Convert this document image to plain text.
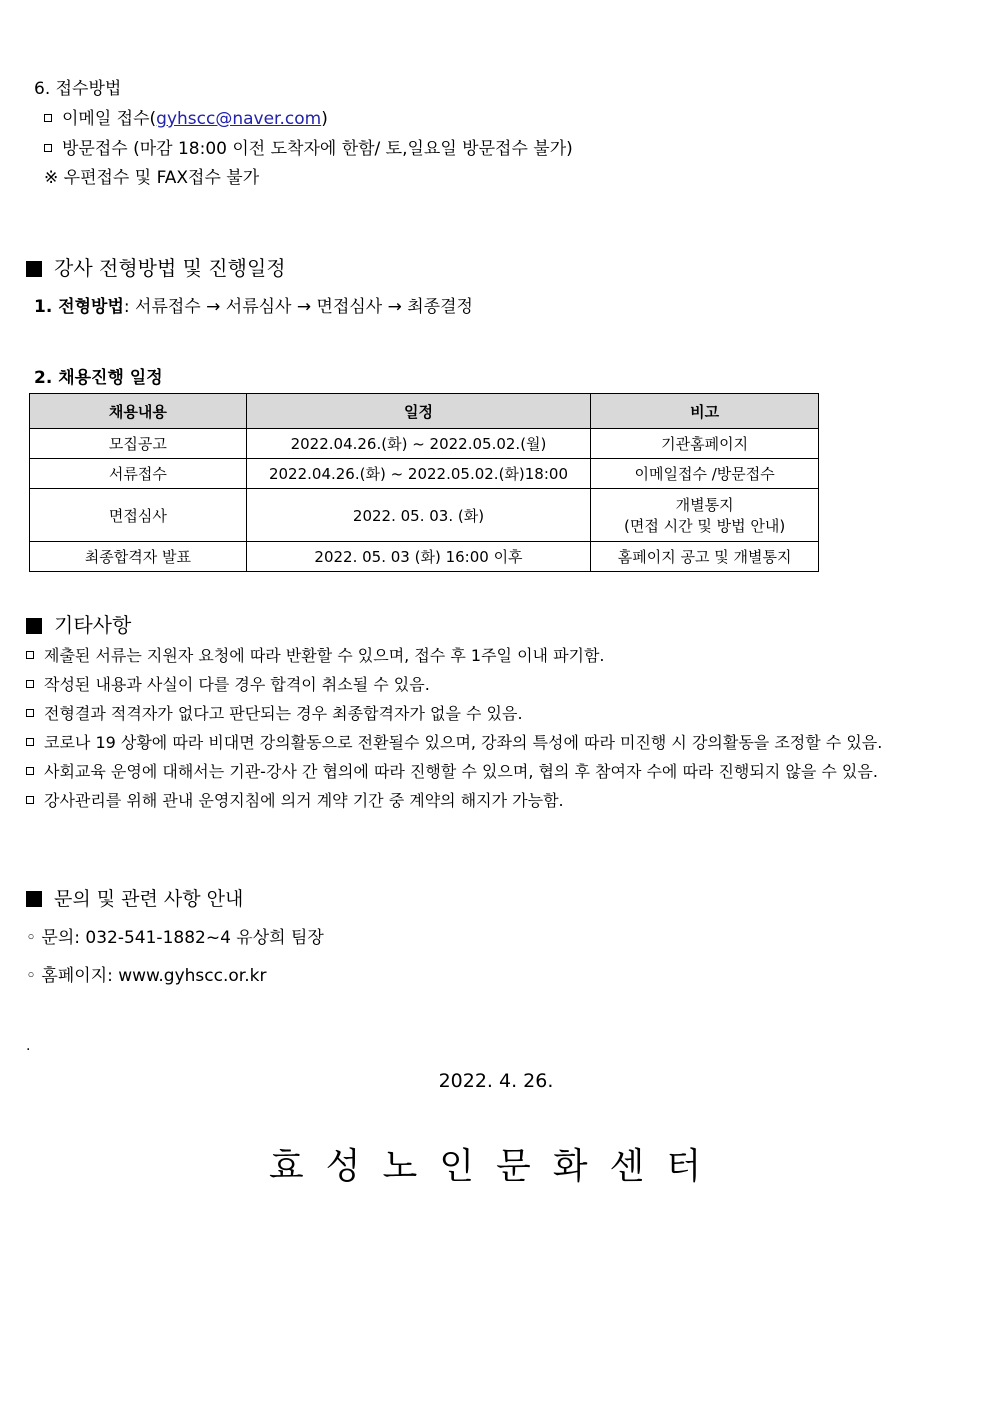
6. 접수방법
이메일 접수(gyhscc@naver.com)
방문접수 (마감 18:00 이전 도착자에 한함/ 토,일요일 방문접수 불가)
※ 우편접수 및 FAX접수 불가
강사 전형방법 및 진행일정
1. 전형방법: 서류접수 → 서류심사 → 면접심사 → 최종결정
2. 채용진행 일정
채용내용	일정	비고
모집공고	2022.04.26.(화) ~ 2022.05.02.(월)	기관홈페이지
서류접수	2022.04.26.(화) ~ 2022.05.02.(화)18:00	이메일접수 /방문접수
면접심사	2022. 05. 03. (화)	개별통지
(면접 시간 및 방법 안내)

최종합격자 발표	2022. 05. 03 (화) 16:00 이후	홈페이지 공고 및 개별통지
기타사항
제출된 서류는 지원자 요청에 따라 반환할 수 있으며, 접수 후 1주일 이내 파기함.
작성된 내용과 사실이 다를 경우 합격이 취소될 수 있음.
전형결과 적격자가 없다고 판단되는 경우 최종합격자가 없을 수 있음.
코로나 19 상황에 따라 비대면 강의활동으로 전환될수 있으며, 강좌의 특성에 따라 미진행 시 강의활동을 조정할 수 있음.
사회교육 운영에 대해서는 기관-강사 간 협의에 따라 진행할 수 있으며, 협의 후 참여자 수에 따라 진행되지 않을 수 있음.
강사관리를 위해 관내 운영지침에 의거 계약 기간 중 계약의 해지가 가능함.
문의 및 관련 사항 안내
◦ 문의: 032-541-1882~4 유상희 팀장
◦ 홈페이지: www.gyhscc.or.kr
.
2022. 4. 26.
효성노인문화센터
